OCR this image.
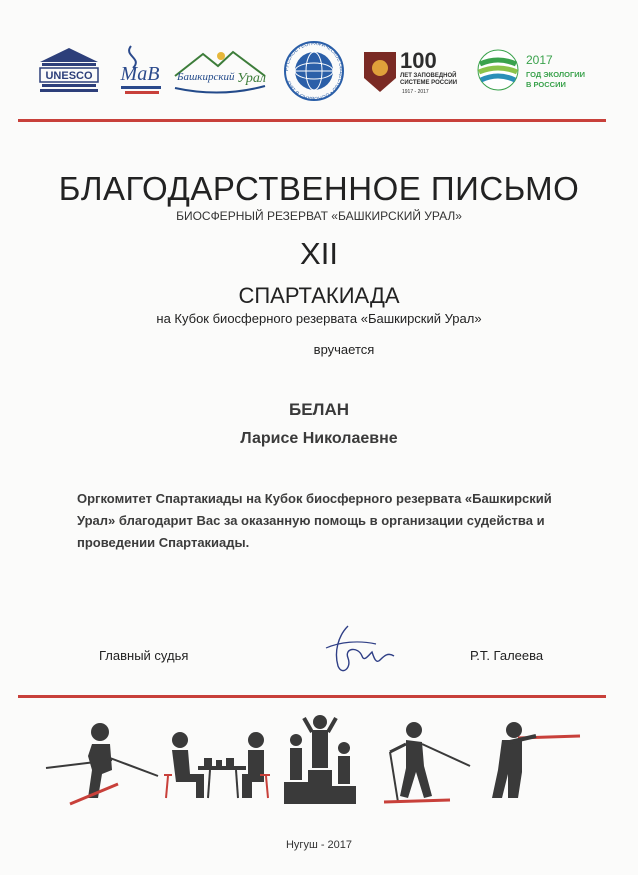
UNESCO MaB Башкирский Урал
РУССКОЕ ГЕОГРАФИЧЕСКОЕ ОБЩЕСТВО • ОСНОВАНО В 1845
100
ЛЕТ ЗАПОВЕДНОЙ
СИСТЕМЕ РОССИИ
1917 - 2017
2017
ГОД ЭКОЛОГИИ
В РОССИИ
БЛАГОДАРСТВЕННОЕ ПИСЬМО
БИОСФЕРНЫЙ РЕЗЕРВАТ «БАШКИРСКИЙ УРАЛ»
XII
СПАРТАКИАДА
на Кубок биосферного резервата «Башкирский Урал»
вручается
БЕЛАН
Ларисе Николаевне
Оргкомитет Спартакиады на Кубок биосферного резервата «Башкирский Урал» благодарит Вас за оказанную помощь в организации судейства и проведении Спартакиады.
Главный судья	Р.Т. Галеева
Нугуш - 2017
